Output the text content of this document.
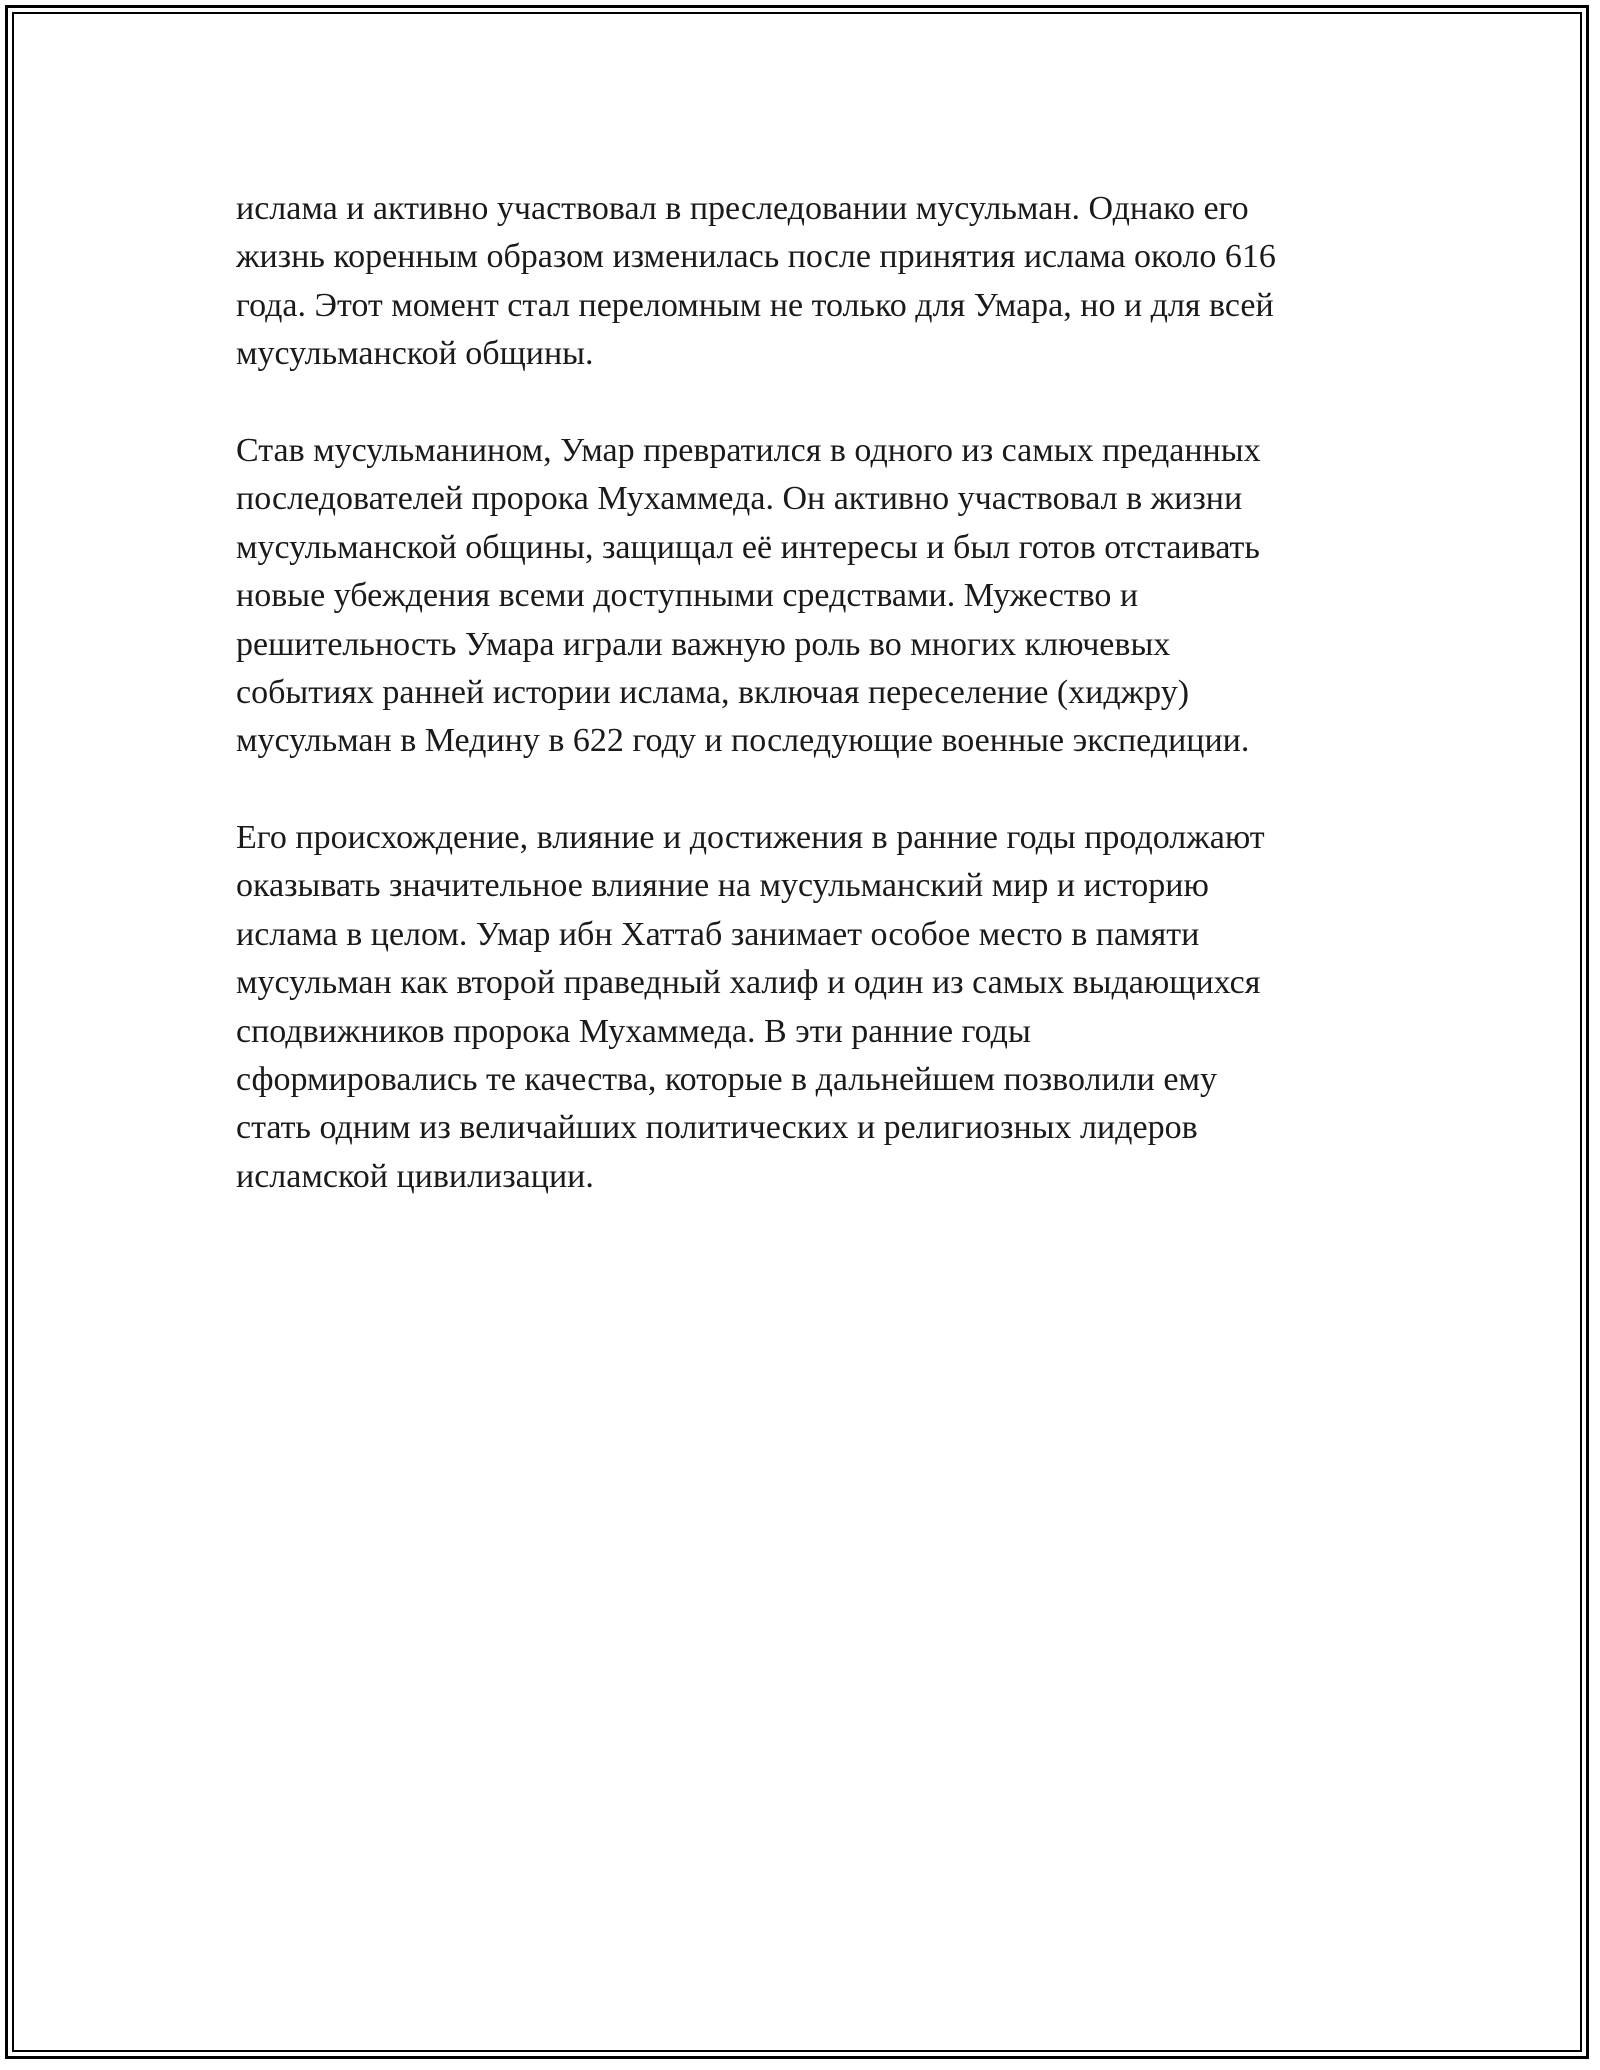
ислама и активно участвовал в преследовании мусульман. Однако его
жизнь коренным образом изменилась после принятия ислама около 616
года. Этот момент стал переломным не только для Умара, но и для всей
мусульманской общины.
Став мусульманином, Умар превратился в одного из самых преданных
последователей пророка Мухаммеда. Он активно участвовал в жизни
мусульманской общины, защищал её интересы и был готов отстаивать
новые убеждения всеми доступными средствами. Мужество и
решительность Умара играли важную роль во многих ключевых
событиях ранней истории ислама, включая переселение (хиджру)
мусульман в Медину в 622 году и последующие военные экспедиции.
Его происхождение, влияние и достижения в ранние годы продолжают
оказывать значительное влияние на мусульманский мир и историю
ислама в целом. Умар ибн Хаттаб занимает особое место в памяти
мусульман как второй праведный халиф и один из самых выдающихся
сподвижников пророка Мухаммеда. В эти ранние годы
сформировались те качества, которые в дальнейшем позволили ему
стать одним из величайших политических и религиозных лидеров
исламской цивилизации.
